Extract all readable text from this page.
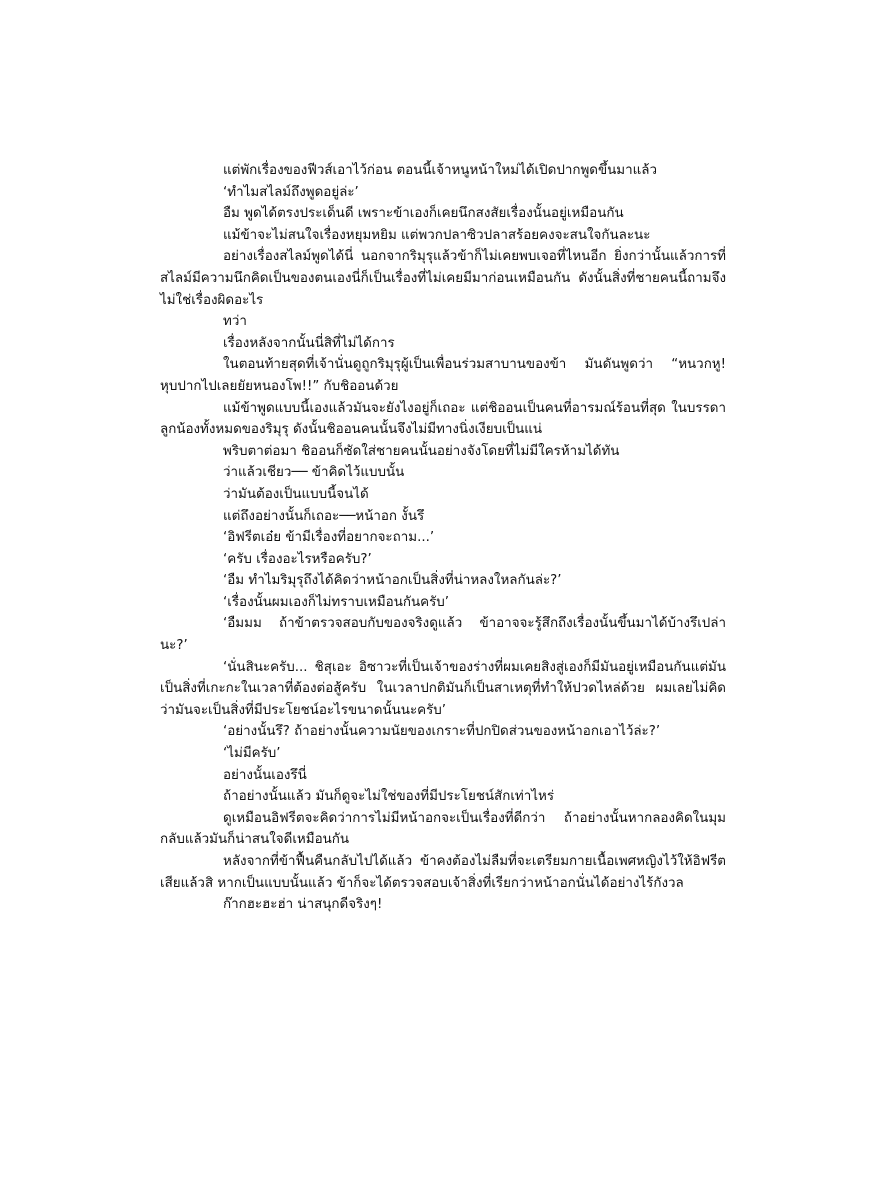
แต่พักเรื่องของฟีวส์เอาไว้ก่อน ตอนนี้เจ้าหนูหน้าใหม่ได้เปิดปากพูดขึ้นมาแล้ว

‘ทำไมสไลม์ถึงพูดอยู่ล่ะ’

อืม พูดได้ตรงประเด็นดี เพราะข้าเองก็เคยนึกสงสัยเรื่องนั้นอยู่เหมือนกัน

แม้ข้าจะไม่สนใจเรื่องหยุมหยิม แต่พวกปลาซิวปลาสร้อยคงจะสนใจกันละนะ

อย่างเรื่องสไลม์พูดได้นี่ นอกจากริมุรุแล้วข้าก็ไม่เคยพบเจอที่ไหนอีก ยิ่งกว่านั้นแล้วการที่สไลม์มีความนึกคิดเป็นของตนเองนี่ก็เป็นเรื่องที่ไม่เคยมีมาก่อนเหมือนกัน ดังนั้นสิ่งที่ชายคนนี้ถามจึงไม่ใช่เรื่องผิดอะไร

ทว่า

เรื่องหลังจากนั้นนี่สิที่ไม่ได้การ

ในตอนท้ายสุดที่เจ้านั่นดูถูกริมุรุผู้เป็นเพื่อนร่วมสาบานของข้า มันดันพูดว่า “หนวกหู! หุบปากไปเลยยัยหนองโพ!!” กับชิออนด้วย

แม้ข้าพูดแบบนี้เองแล้วมันจะยังไงอยู่ก็เถอะ แต่ชิออนเป็นคนที่อารมณ์ร้อนที่สุด ในบรรดาลูกน้องทั้งหมดของริมุรุ ดังนั้นชิออนคนนั้นจึงไม่มีทางนิ่งเงียบเป็นแน่

พริบตาต่อมา ชิออนก็ซัดใส่ชายคนนั้นอย่างจังโดยที่ไม่มีใครห้ามได้ทัน

ว่าแล้วเชียว── ข้าคิดไว้แบบนั้น

ว่ามันต้องเป็นแบบนี้จนได้

แต่ถึงอย่างนั้นก็เถอะ──หน้าอก งั้นรึ

‘อิฟรีตเอ๋ย ข้ามีเรื่องที่อยากจะถาม...’

‘ครับ เรื่องอะไรหรือครับ?’

‘อืม ทำไมริมุรุถึงได้คิดว่าหน้าอกเป็นสิ่งที่น่าหลงใหลกันล่ะ?’

‘เรื่องนั้นผมเองก็ไม่ทราบเหมือนกันครับ’

‘อืมมม ถ้าข้าตรวจสอบกับของจริงดูแล้ว ข้าอาจจะรู้สึกถึงเรื่องนั้นขึ้นมาได้บ้างรึเปล่านะ?’

‘นั่นสินะครับ... ชิสุเอะ อิซาวะที่เป็นเจ้าของร่างที่ผมเคยสิงสู่เองก็มีมันอยู่เหมือนกันแต่มันเป็นสิ่งที่เกะกะในเวลาที่ต้องต่อสู้ครับ ในเวลาปกติมันก็เป็นสาเหตุที่ทำให้ปวดไหล่ด้วย ผมเลยไม่คิดว่ามันจะเป็นสิ่งที่มีประโยชน์อะไรขนาดนั้นนะครับ’

‘อย่างนั้นรึ? ถ้าอย่างนั้นความนัยของเกราะที่ปกปิดส่วนของหน้าอกเอาไว้ล่ะ?’

‘ไม่มีครับ’

อย่างนั้นเองรึนี่

ถ้าอย่างนั้นแล้ว มันก็ดูจะไม่ใช่ของที่มีประโยชน์สักเท่าไหร่

ดูเหมือนอิฟรีตจะคิดว่าการไม่มีหน้าอกจะเป็นเรื่องที่ดีกว่า ถ้าอย่างนั้นหากลองคิดในมุมกลับแล้วมันก็น่าสนใจดีเหมือนกัน

หลังจากที่ข้าฟื้นคืนกลับไปได้แล้ว ข้าคงต้องไม่ลืมที่จะเตรียมกายเนื้อเพศหญิงไว้ให้อิฟรีตเสียแล้วสิ หากเป็นแบบนั้นแล้ว ข้าก็จะได้ตรวจสอบเจ้าสิ่งที่เรียกว่าหน้าอกนั่นได้อย่างไร้กังวล

ก๊ากฮะฮะฮ่า น่าสนุกดีจริงๆ!
